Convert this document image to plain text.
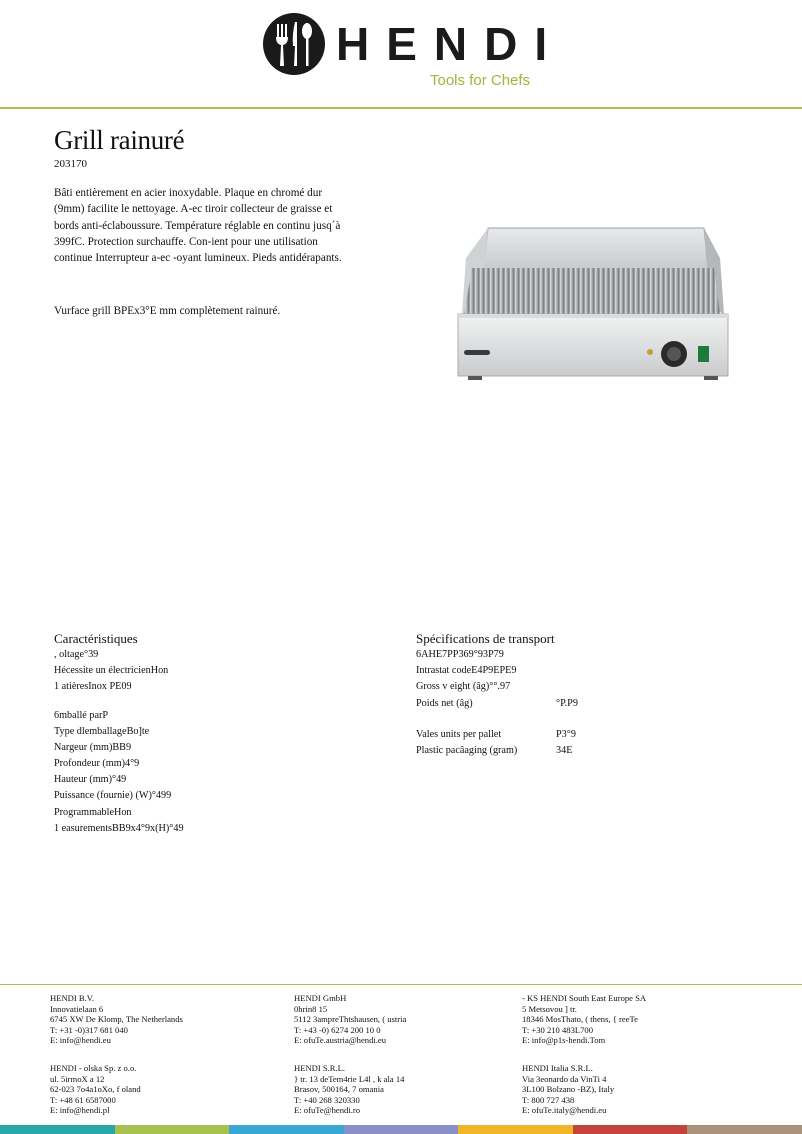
HENDI
Tools for Chefs
Grill rainuré
203170
Bâti entièrement en acier inoxydable. Plaque en chromé dur (9mm) facilite le nettoyage. A-ec tiroir collecteur de graisse et bords anti-éclaboussure. Température réglable en continu jusq´à 399fC. Protection surchauffe. Con-ient pour une utilisation continue Interrupteur a-ec -oyant lumineux. Pieds antidérapants.
Vurface grill BPEx3°E mm complètement rainuré.
Caractéristiques
, oltage°39
Hécessite un électricienHon
1 atièresInox PE09
6mballé parP
Type dlemballageBo]te
Nargeur (mm)BB9
Profondeur (mm)4°9
Hauteur (mm)°49
Puissance (fournie) (W)°499
ProgrammableHon
1 easurementsBB9x4°9x(H)°49
Spécifications de transport
6AHE7PP369°93P79
Intrastat codeE4P9EPE9
Gross v eight (âg)°°.97
Poids net (âg)	°P.P9
Vales units per pallet	P3°9
Plastic pacâaging (gram)	34E
HENDI B.V.
Innovatielaan 6
6745 XW De Klomp, The Netherlands
T: +31 -0)317 681 040
E: info@hendi.eu
HENDI GmbH
0hrin8 15
5112 3ampreThtshausen, ( ustria
T: +43 -0) 6274 200 10 0
E: ofuTe.austria@hendi.eu
- KS HENDI South East Europe SA
5 Metsovou ] tr.
18346 MosThato, ( thens, { reeTe
T: +30 210 483L700
E: info@p1s-hendi.Tom
HENDI - olska Sp. z o.o.
ul. 5irmoX a 12
62-023 7o4a1oXo, f oland
T: +48 61 6587000
E: info@hendi.pl
HENDI S.R.L.
} tr. 13 deTem4rie L4l , k ala 14
Brasov, 500164, 7 omania
T: +40 268 320330
E: ofuTe@hendi.ro
HENDI Italia S.R.L.
Via 3eonardo da VinTi 4
3L100 Bolzano -BZ), Italy
T: 800 727 438
E: ofuTe.italy@hendi.eu
